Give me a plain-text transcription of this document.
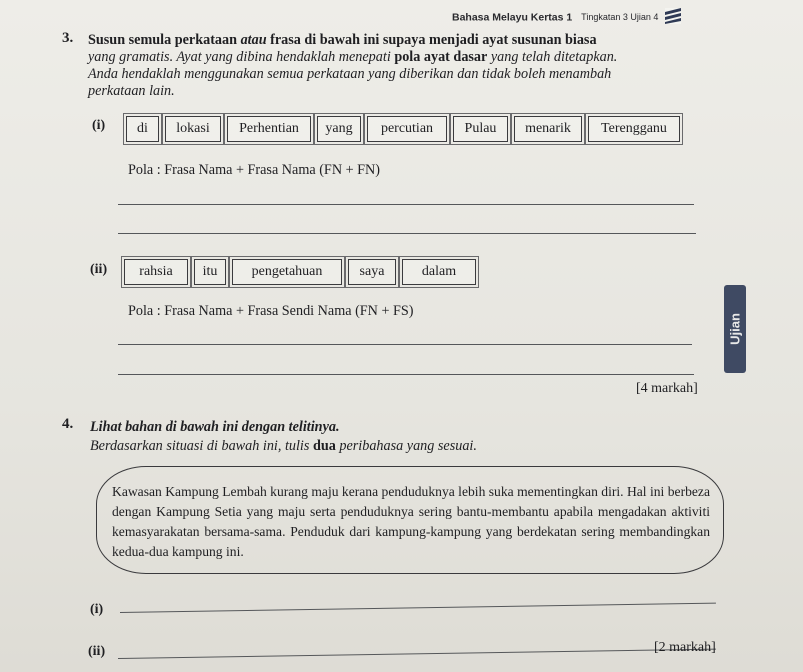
Bahasa Melayu Kertas 1 Tingkatan 3 Ujian 4
3. Susun semula perkataan atau frasa di bawah ini supaya menjadi ayat susunan biasa
yang gramatis. Ayat yang dibina hendaklah menepati pola ayat dasar yang telah ditetapkan.
Anda hendaklah menggunakan semua perkataan yang diberikan dan tidak boleh menambah
perkataan lain.
(i)	di	lokasi	Perhentian	yang	percutian	Pulau	menarik	Terengganu
Pola : Frasa Nama + Frasa Nama (FN + FN)
(ii)	rahsia	itu	pengetahuan	saya	dalam
Pola : Frasa Nama + Frasa Sendi Nama (FN + FS)
[4 markah]
Ujian
4. Lihat bahan di bawah ini dengan telitinya.
Berdasarkan situasi di bawah ini, tulis dua peribahasa yang sesuai.
Kawasan Kampung Lembah kurang maju kerana penduduknya lebih suka mementingkan diri. Hal ini berbeza dengan Kampung Setia yang maju serta penduduknya sering bantu-membantu apabila mengadakan aktiviti kemasyarakatan bersama-sama. Penduduk dari kampung-kampung yang berdekatan sering membandingkan kedua-dua kampung ini.
(i)
(ii)	[2 markah]
